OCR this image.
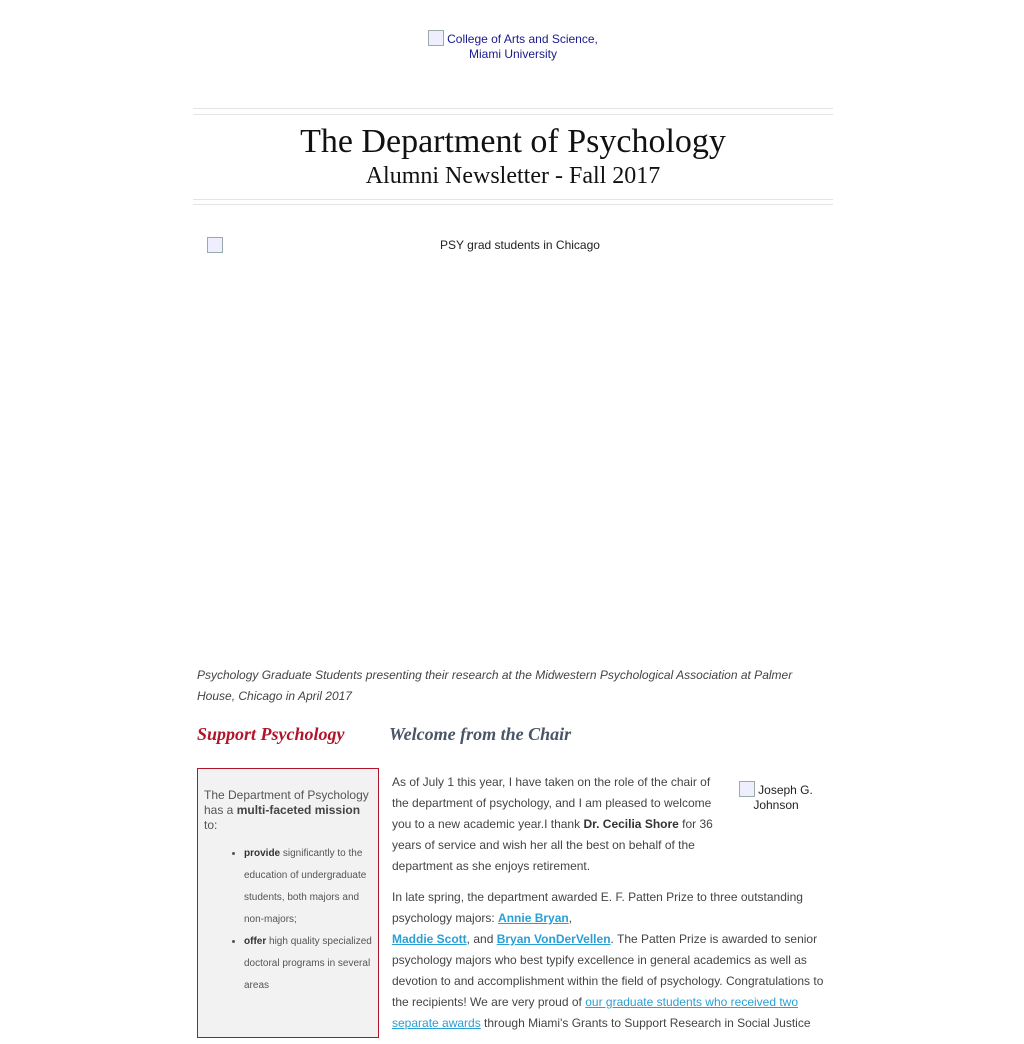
College of Arts and Science, Miami University
The Department of Psychology
Alumni Newsletter - Fall 2017
PSY grad students in Chicago
Psychology Graduate Students presenting their research at the Midwestern Psychological Association at Palmer House, Chicago in April 2017
Support Psychology Welcome from the Chair
The Department of Psychology has a multi-faceted mission to:
• provide significantly to the education of undergraduate students, both majors and non-majors;
• offer high quality specialized doctoral programs in several areas
Joseph G. Johnson

As of July 1 this year, I have taken on the role of the chair of the department of psychology, and I am pleased to welcome you to a new academic year.I thank Dr. Cecilia Shore for 36 years of service and wish her all the best on behalf of the department as she enjoys retirement.

In late spring, the department awarded E. F. Patten Prize to three outstanding psychology majors: Annie Bryan,
Maddie Scott, and Bryan VonDerVellen. The Patten Prize is awarded to senior psychology majors who best typify excellence in general academics as well as devotion to and accomplishment within the field of psychology. Congratulations to the recipients! We are very proud of our graduate students who received two separate awards through Miami's Grants to Support Research in Social Justice
